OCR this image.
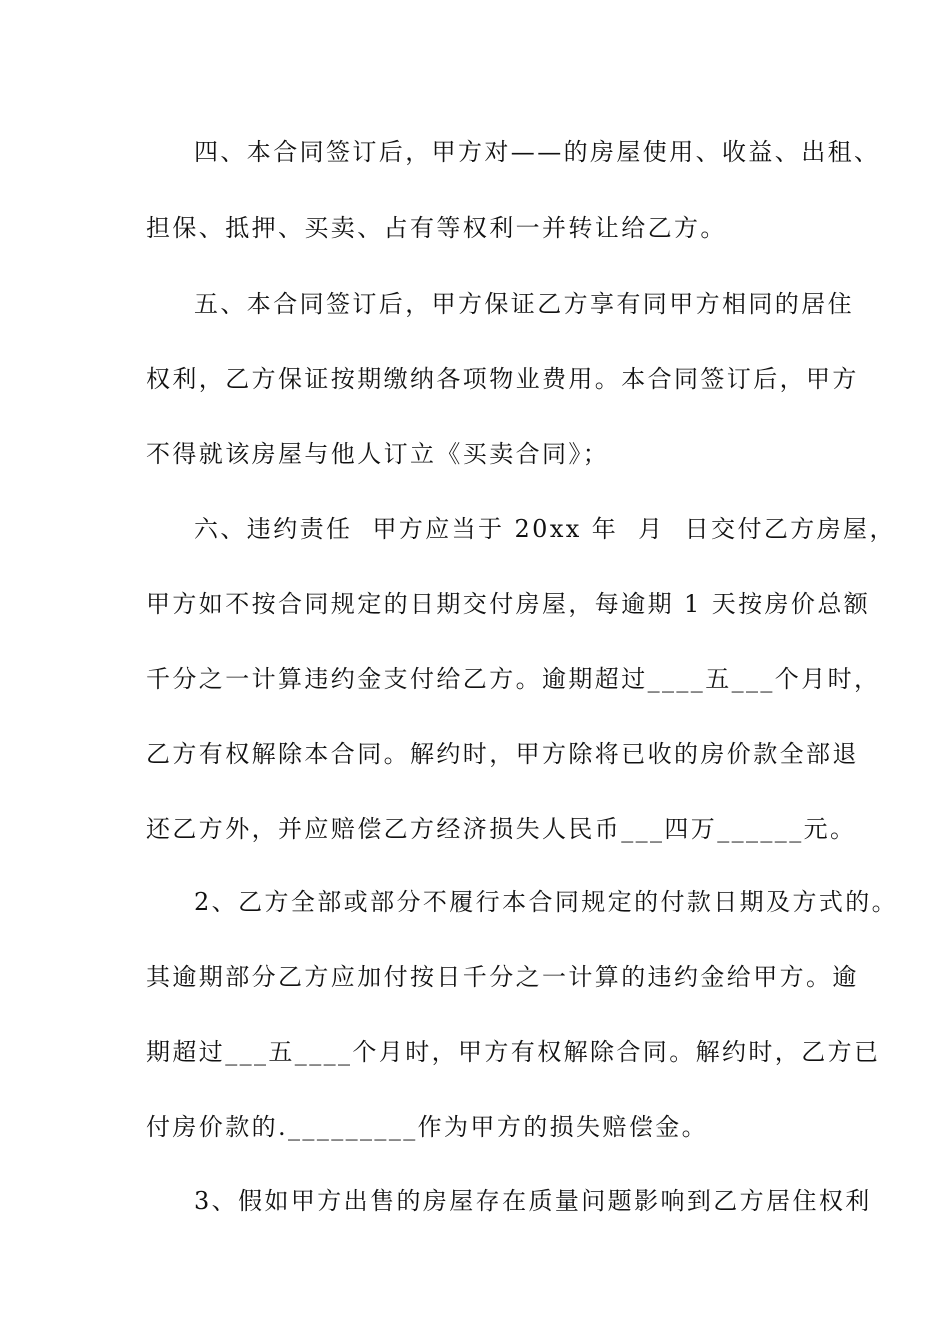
四、本合同签订后，甲方对——的房屋使用、收益、出租、
担保、抵押、买卖、占有等权利一并转让给乙方。
五、本合同签订后，甲方保证乙方享有同甲方相同的居住
权利，乙方保证按期缴纳各项物业费用。本合同签订后，甲方
不得就该房屋与他人订立《买卖合同》；
六、违约责任  甲方应当于 20xx 年  月  日交付乙方房屋，
甲方如不按合同规定的日期交付房屋，每逾期 1 天按房价总额
千分之一计算违约金支付给乙方。逾期超过____五___个月时，
乙方有权解除本合同。解约时，甲方除将已收的房价款全部退
还乙方外，并应赔偿乙方经济损失人民币___四万______元。
2、乙方全部或部分不履行本合同规定的付款日期及方式的。
其逾期部分乙方应加付按日千分之一计算的违约金给甲方。逾
期超过___五____个月时，甲方有权解除合同。解约时，乙方已
付房价款的._________作为甲方的损失赔偿金。
3、假如甲方出售的房屋存在质量问题影响到乙方居住权利
